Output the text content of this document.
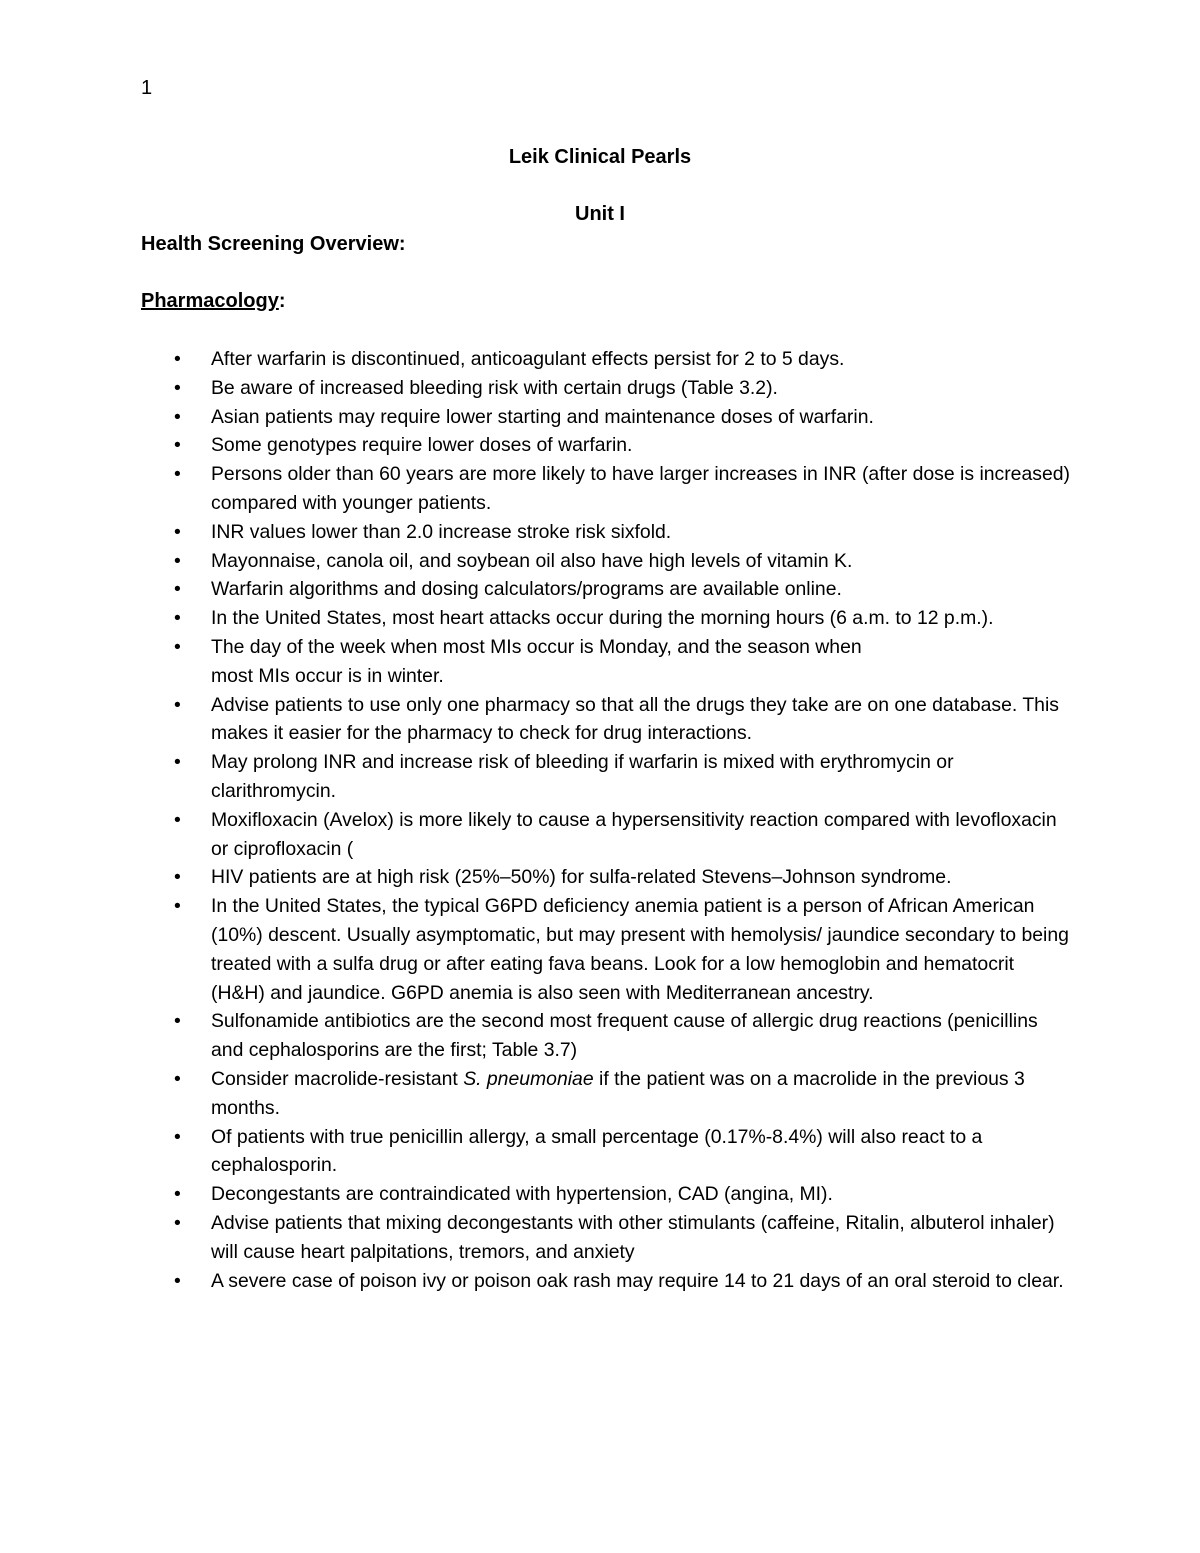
1
Leik Clinical Pearls
Unit I
Health Screening Overview:
Pharmacology:
• After warfarin is discontinued, anticoagulant effects persist for 2 to 5 days.
• Be aware of increased bleeding risk with certain drugs (Table 3.2).
• Asian patients may require lower starting and maintenance doses of warfarin.
• Some genotypes require lower doses of warfarin.
• Persons older than 60 years are more likely to have larger increases in INR (after dose is increased) compared with younger patients.
• INR values lower than 2.0 increase stroke risk sixfold.
• Mayonnaise, canola oil, and soybean oil also have high levels of vitamin K.
• Warfarin algorithms and dosing calculators/programs are available online.
• In the United States, most heart attacks occur during the morning hours (6 a.m. to 12 p.m.).
• The day of the week when most MIs occur is Monday, and the season when
most MIs occur is in winter.
• Advise patients to use only one pharmacy so that all the drugs they take are on one database. This makes it easier for the pharmacy to check for drug interactions.
• May prolong INR and increase risk of bleeding if warfarin is mixed with erythromycin or clarithromycin.
• Moxifloxacin (Avelox) is more likely to cause a hypersensitivity reaction compared with levofloxacin or ciprofloxacin (
• HIV patients are at high risk (25%–50%) for sulfa-related Stevens–Johnson syndrome.
• In the United States, the typical G6PD deficiency anemia patient is a person of African American (10%) descent. Usually asymptomatic, but may present with hemolysis/ jaundice secondary to being treated with a sulfa drug or after eating fava beans. Look for a low hemoglobin and hematocrit (H&H) and jaundice. G6PD anemia is also seen with Mediterranean ancestry.
• Sulfonamide antibiotics are the second most frequent cause of allergic drug reactions (penicillins and cephalosporins are the first; Table 3.7)
• Consider macrolide-resistant S. pneumoniae if the patient was on a macrolide in the previous 3 months.
• Of patients with true penicillin allergy, a small percentage (0.17%-8.4%) will also react to a cephalosporin.
• Decongestants are contraindicated with hypertension, CAD (angina, MI).
• Advise patients that mixing decongestants with other stimulants (caffeine, Ritalin, albuterol inhaler) will cause heart palpitations, tremors, and anxiety
• A severe case of poison ivy or poison oak rash may require 14 to 21 days of an oral steroid to clear.
